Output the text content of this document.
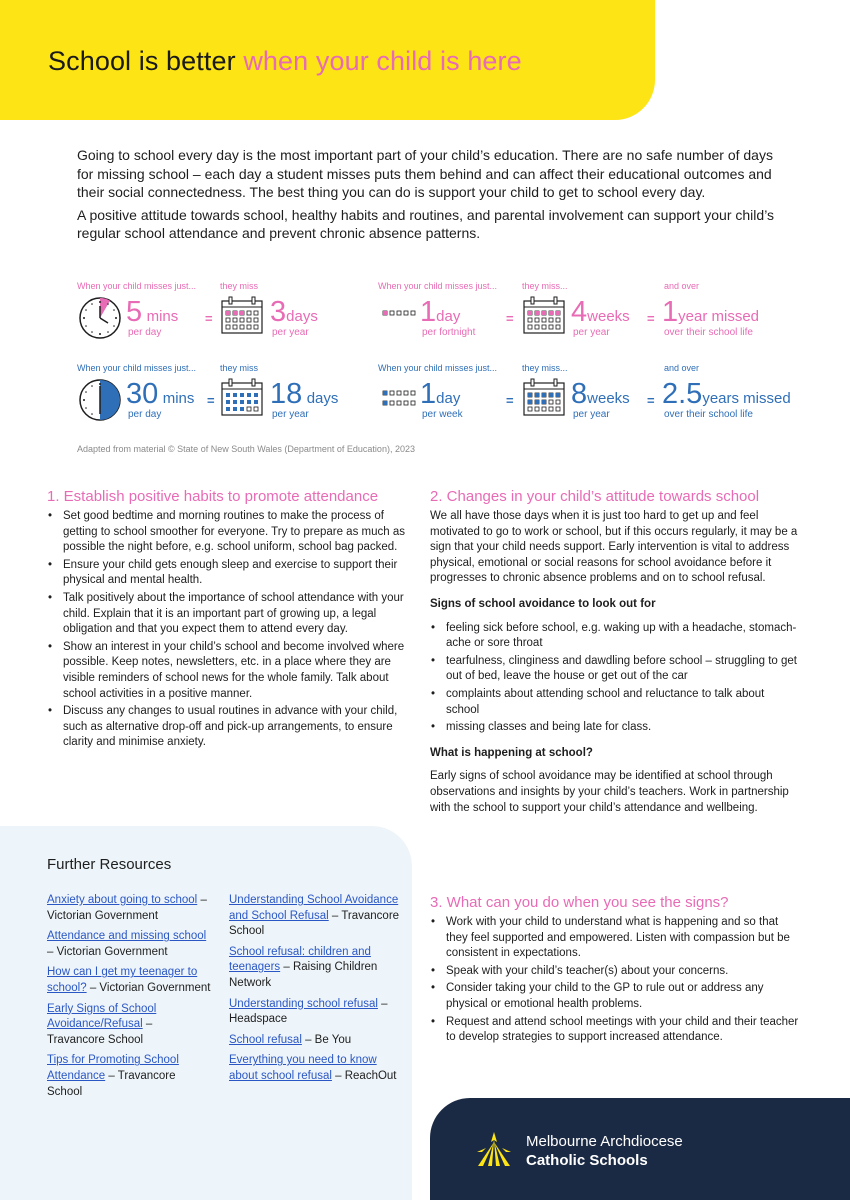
School is better when your child is here

Going to school every day is the most important part of your child’s education. There are no safe number of days for missing school – each day a student misses puts them behind and can affect their educational outcomes and their social connectedness. The best thing you can do is support your child to get to school every day.

A positive attitude towards school, healthy habits and routines, and parental involvement can support your child’s regular school attendance and prevent chronic absence patterns.

When your child misses just...	they miss
5 mins
per day
= 3days
per year
When your child misses just...	they miss...	and over
1day
per fortnight
= 4weeks
per year
= 1year missed
over their school life
When your child misses just...	they miss
30 mins
per day
= 18 days
per year
When your child misses just...	they miss...	and over
1day
per week
= 8weeks
per year
= 2.5years missed
over their school life
Adapted from material © State of New South Wales (Department of Education), 2023
1. Establish positive habits to promote attendance
• Set good bedtime and morning routines to make the process of getting to school smoother for everyone. Try to prepare as much as possible the night before, e.g. school uniform, school bag packed.
• Ensure your child gets enough sleep and exercise to support their physical and mental health.
• Talk positively about the importance of school attendance with your child. Explain that it is an important part of growing up, a legal obligation and that you expect them to attend every day.
• Show an interest in your child’s school and become involved where possible. Keep notes, newsletters, etc. in a place where they are visible reminders of school news for the whole family. Talk about school activities in a positive manner.
• Discuss any changes to usual routines in advance with your child, such as alternative drop-off and pick-up arrangements, to ensure clarity and minimise anxiety.
2. Changes in your child’s attitude towards school

We all have those days when it is just too hard to get up and feel motivated to go to work or school, but if this occurs regularly, it may be a sign that your child needs support. Early intervention is vital to address physical, emotional or social reasons for school avoidance before it progresses to chronic absence problems and on to school refusal.

Signs of school avoidance to look out for
• feeling sick before school, e.g. waking up with a headache, stomach-ache or sore throat
• tearfulness, clinginess and dawdling before school – struggling to get out of bed, leave the house or get out of the car
• complaints about attending school and reluctance to talk about school
• missing classes and being late for class.
What is happening at school?

Early signs of school avoidance may be identified at school through observations and insights by your child’s teachers. Work in partnership with the school to support your child’s attendance and wellbeing.

3. What can you do when you see the signs?
• Work with your child to understand what is happening and so that they feel supported and empowered. Listen with compassion but be consistent in expectations.
• Speak with your child’s teacher(s) about your concerns.
• Consider taking your child to the GP to rule out or address any physical or emotional health problems.
• Request and attend school meetings with your child and their teacher to develop strategies to support increased attendance.
Further Resources
Anxiety about going to school – Victorian Government
Attendance and missing school – Victorian Government
How can I get my teenager to school? – Victorian Government
Early Signs of School Avoidance/Refusal – Travancore School
Tips for Promoting School Attendance – Travancore School
Understanding School Avoidance and School Refusal – Travancore School
School refusal: children and teenagers – Raising Children Network
Understanding school refusal – Headspace
School refusal – Be You
Everything you need to know about school refusal – ReachOut
Melbourne Archdiocese
Catholic Schools
